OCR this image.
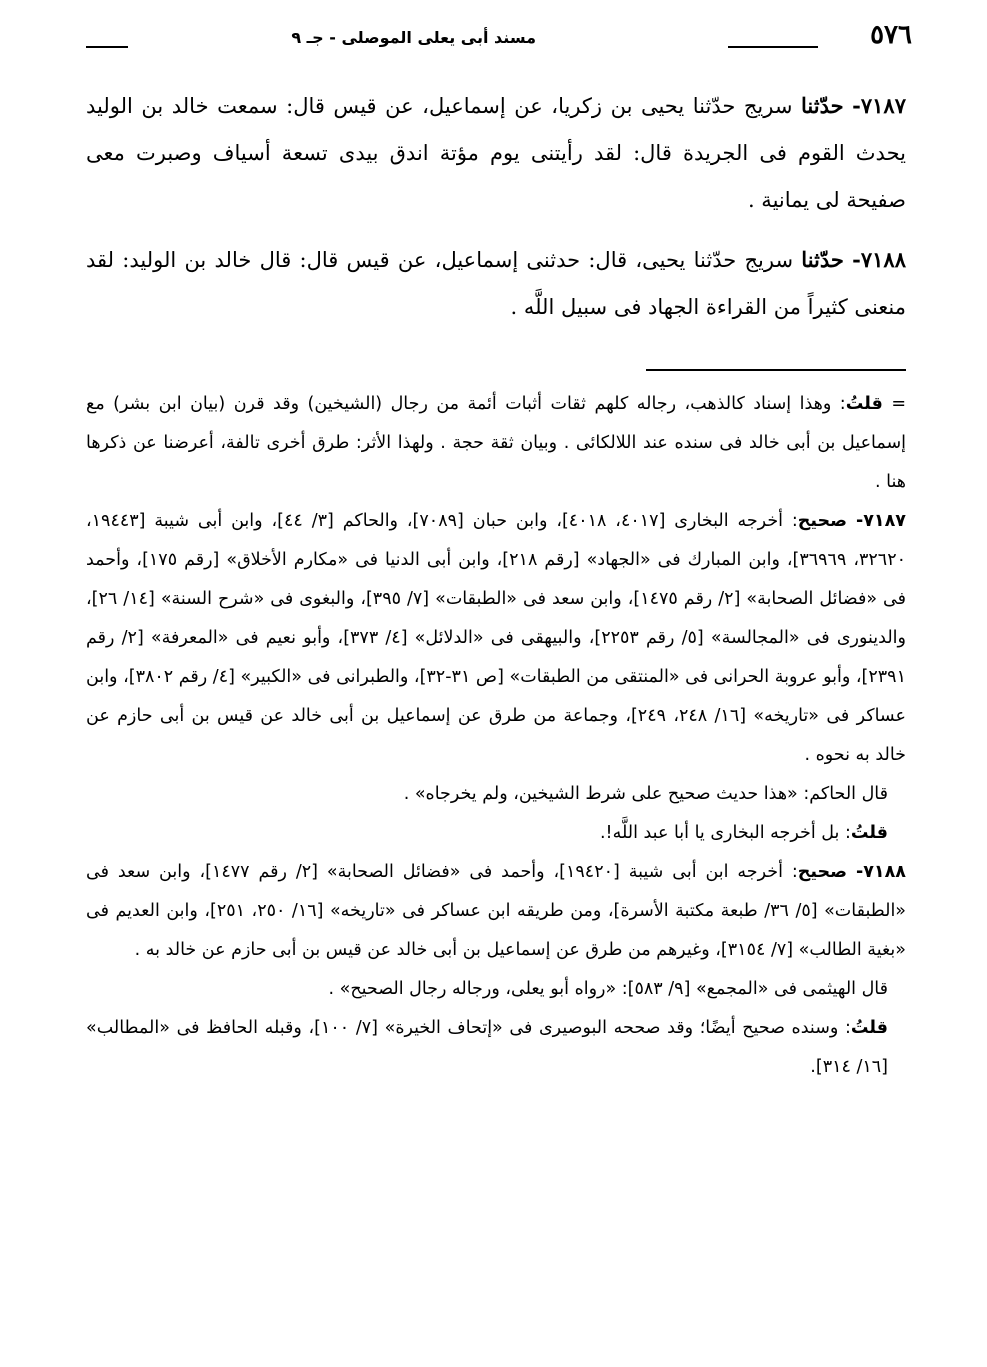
٥٧٦
مسند أبى يعلى الموصلى - جـ ٩

٧١٨٧- حدّثنا سريج حدّثنا يحيى بن زكريا، عن إسماعيل، عن قيس قال: سمعت خالد بن الوليد يحدث القوم فى الجريدة قال: لقد رأيتنى يوم مؤتة اندق بيدى تسعة أسياف وصبرت معى صفيحة لى يمانية .

٧١٨٨- حدّثنا سريج حدّثنا يحيى، قال: حدثنى إسماعيل، عن قيس قال: قال خالد بن الوليد: لقد منعنى كثيراً من القراءة الجهاد فى سبيل اللَّه .

= قلتُ: وهذا إسناد كالذهب، رجاله كلهم ثقات أثبات أئمة من رجال (الشيخين) وقد قرن (بيان ابن بشر) مع إسماعيل بن أبى خالد فى سنده عند اللالكائى . وبيان ثقة حجة . ولهذا الأثر: طرق أخرى تالفة، أعرضنا عن ذكرها هنا .

٧١٨٧- صحيح: أخرجه البخارى [٤٠١٧، ٤٠١٨]، وابن حبان [٧٠٨٩]، والحاكم [٣/ ٤٤]، وابن أبى شيبة [١٩٤٤٣، ٣٢٦٢٠، ٣٦٩٦٩]، وابن المبارك فى «الجهاد» [رقم ٢١٨]، وابن أبى الدنيا فى «مكارم الأخلاق» [رقم ١٧٥]، وأحمد فى «فضائل الصحابة» [٢/ رقم ١٤٧٥]، وابن سعد فى «الطبقات» [٧/ ٣٩٥]، والبغوى فى «شرح السنة» [١٤/ ٢٦]، والدينورى فى «المجالسة» [٥/ رقم ٢٢٥٣]، والبيهقى فى «الدلائل» [٤/ ٣٧٣]، وأبو نعيم فى «المعرفة» [٢/ رقم ٢٣٩١]، وأبو عروبة الحرانى فى «المنتقى من الطبقات» [ص ٣١-٣٢]، والطبرانى فى «الكبير» [٤/ رقم ٣٨٠٢]، وابن عساكر فى «تاريخه» [١٦/ ٢٤٨، ٢٤٩]، وجماعة من طرق عن إسماعيل بن أبى خالد عن قيس بن أبى حازم عن خالد به نحوه .

قال الحاكم: «هذا حديث صحيح على شرط الشيخين، ولم يخرجاه» .

قلتُ: بل أخرجه البخارى يا أبا عبد اللَّه!.

٧١٨٨- صحيح: أخرجه ابن أبى شيبة [١٩٤٢٠]، وأحمد فى «فضائل الصحابة» [٢/ رقم ١٤٧٧]، وابن سعد فى «الطبقات» [٥/ ٣٦/ طبعة مكتبة الأسرة]، ومن طريقه ابن عساكر فى «تاريخه» [١٦/ ٢٥٠، ٢٥١]، وابن العديم فى «بغية الطالب» [٧/ ٣١٥٤]، وغيرهم من طرق عن إسماعيل بن أبى خالد عن قيس بن أبى حازم عن خالد به .

قال الهيثمى فى «المجمع» [٩/ ٥٨٣]: «رواه أبو يعلى، ورجاله رجال الصحيح» .

قلتُ: وسنده صحيح أيضًا؛ وقد صححه البوصيرى فى «إتحاف الخيرة» [٧/ ١٠٠]، وقبله الحافظ فى «المطالب» [١٦/ ٣١٤].
